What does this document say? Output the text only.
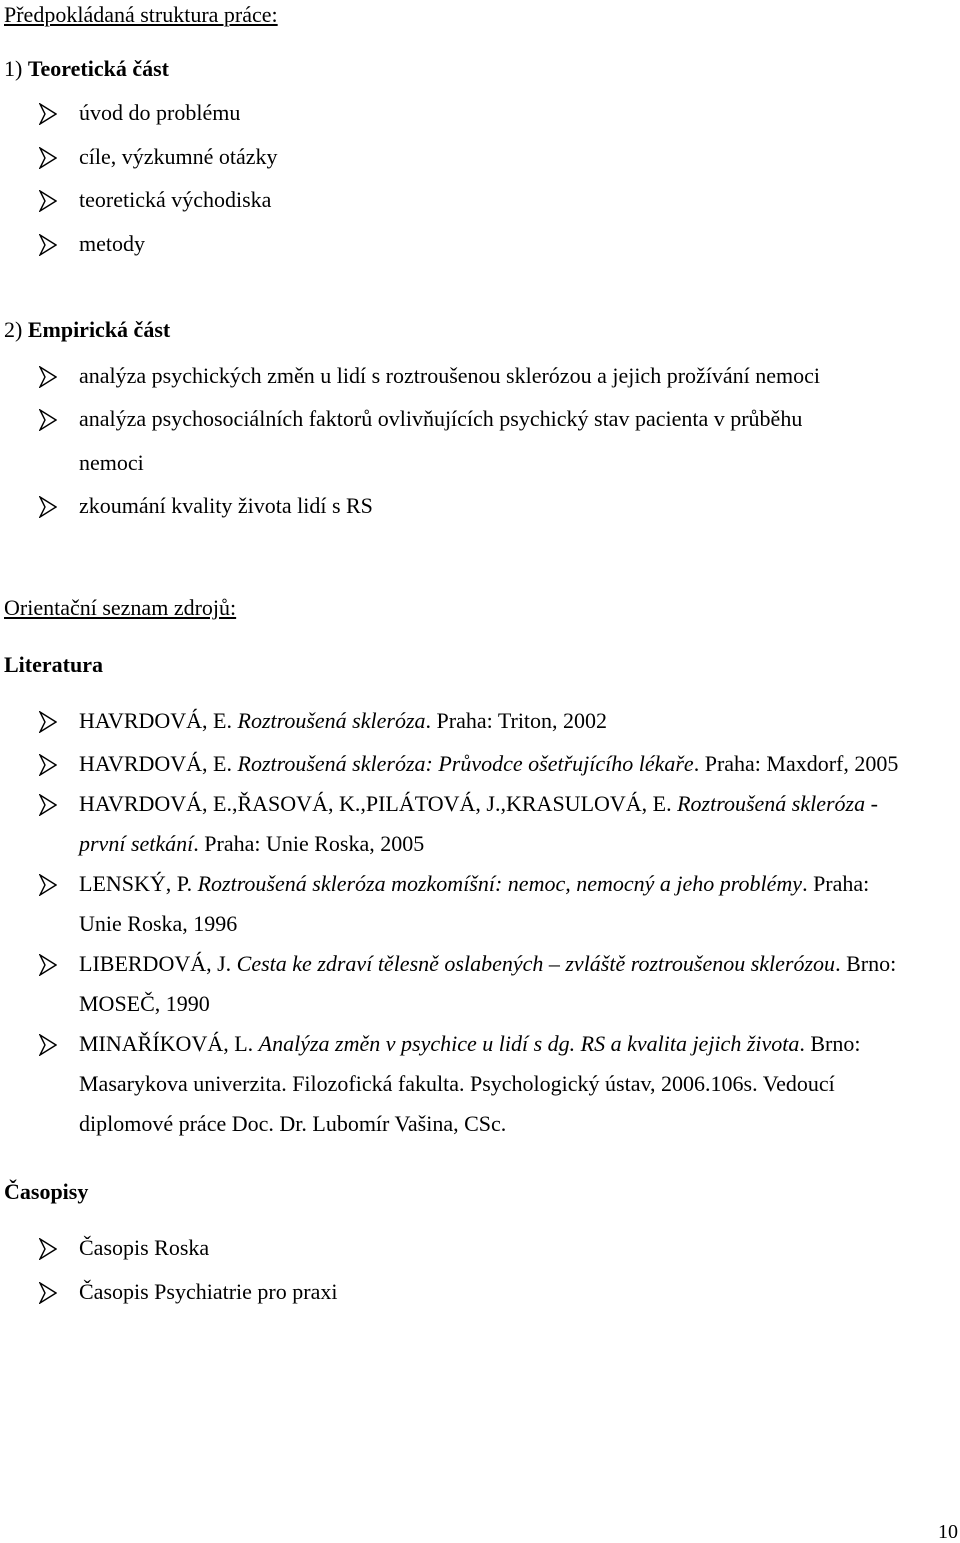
Předpokládaná struktura práce:
1) Teoretická část
úvod do problému
cíle, výzkumné otázky
teoretická východiska
metody
2) Empirická část
analýza psychických změn u lidí s roztroušenou sklerózou a jejich prožívání nemoci
analýza psychosociálních faktorů ovlivňujících psychický stav pacienta v průběhu
nemoci
zkoumání kvality života lidí s RS
Orientační seznam zdrojů:
Literatura
HAVRDOVÁ, E. Roztroušená skleróza. Praha: Triton, 2002
HAVRDOVÁ, E. Roztroušená skleróza: Průvodce ošetřujícího lékaře. Praha: Maxdorf, 2005
HAVRDOVÁ, E.,ŘASOVÁ, K.,PILÁTOVÁ, J.,KRASULOVÁ, E. Roztroušená skleróza -
první setkání. Praha: Unie Roska, 2005
LENSKÝ, P. Roztroušená skleróza mozkomíšní: nemoc, nemocný a jeho problémy. Praha:
Unie Roska, 1996
LIBERDOVÁ, J. Cesta ke zdraví tělesně oslabených – zvláště roztroušenou sklerózou. Brno:
MOSEČ, 1990
MINAŘÍKOVÁ, L. Analýza změn v psychice u lidí s dg. RS a kvalita jejich života. Brno:
Masarykova univerzita. Filozofická fakulta. Psychologický ústav, 2006.106s. Vedoucí
diplomové práce Doc. Dr. Lubomír Vašina, CSc.
Časopisy
Časopis Roska
Časopis Psychiatrie pro praxi
10
